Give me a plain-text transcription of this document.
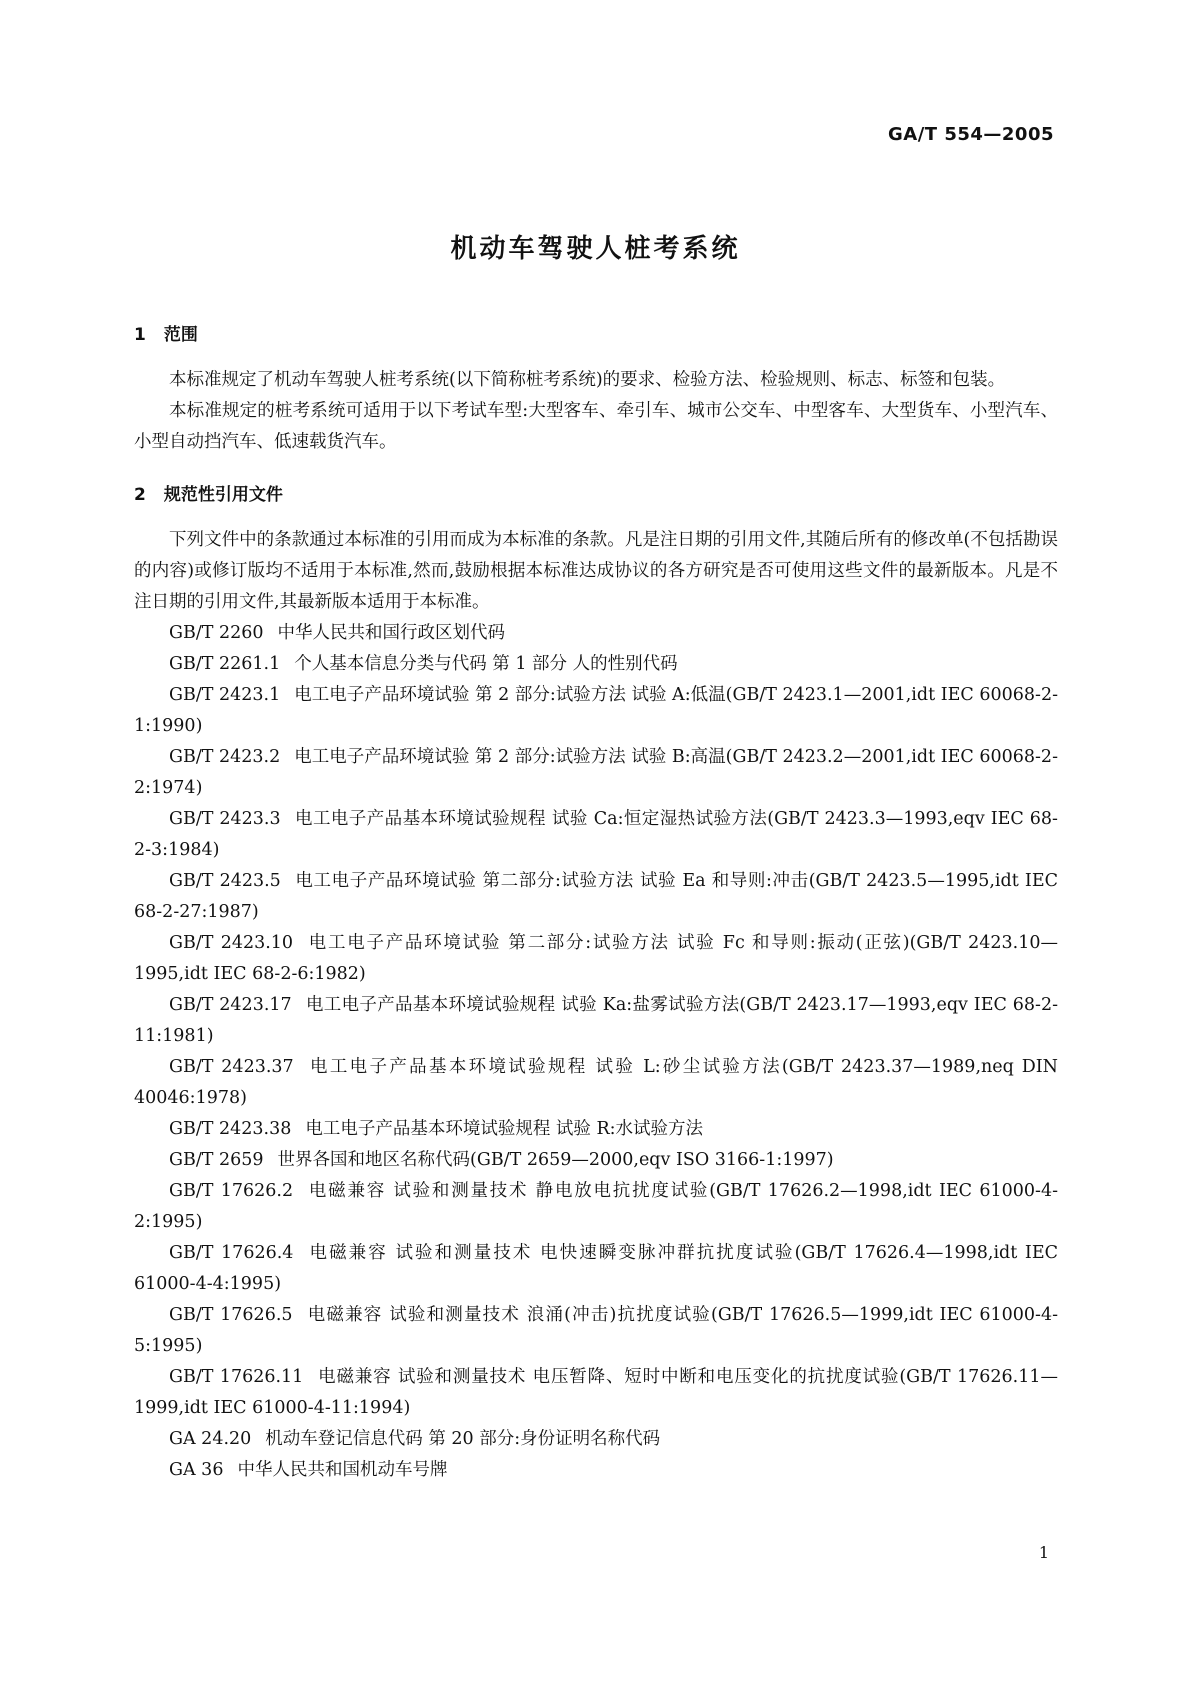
GA/T 554—2005
机动车驾驶人桩考系统

1 范围

本标准规定了机动车驾驶人桩考系统(以下简称桩考系统)的要求、检验方法、检验规则、标志、标签和包装。

本标准规定的桩考系统可适用于以下考试车型:大型客车、牵引车、城市公交车、中型客车、大型货车、小型汽车、小型自动挡汽车、低速载货汽车。

2 规范性引用文件

下列文件中的条款通过本标准的引用而成为本标准的条款。凡是注日期的引用文件,其随后所有的修改单(不包括勘误的内容)或修订版均不适用于本标准,然而,鼓励根据本标准达成协议的各方研究是否可使用这些文件的最新版本。凡是不注日期的引用文件,其最新版本适用于本标准。

GB/T 2260 中华人民共和国行政区划代码

GB/T 2261.1 个人基本信息分类与代码 第 1 部分 人的性别代码

GB/T 2423.1 电工电子产品环境试验 第 2 部分:试验方法 试验 A:低温(GB/T 2423.1—2001,idt IEC 60068-2-1:1990)

GB/T 2423.2 电工电子产品环境试验 第 2 部分:试验方法 试验 B:高温(GB/T 2423.2—2001,idt IEC 60068-2-2:1974)

GB/T 2423.3 电工电子产品基本环境试验规程 试验 Ca:恒定湿热试验方法(GB/T 2423.3—1993,eqv IEC 68-2-3:1984)

GB/T 2423.5 电工电子产品环境试验 第二部分:试验方法 试验 Ea 和导则:冲击(GB/T 2423.5—1995,idt IEC 68-2-27:1987)

GB/T 2423.10 电工电子产品环境试验 第二部分:试验方法 试验 Fc 和导则:振动(正弦)(GB/T 2423.10—1995,idt IEC 68-2-6:1982)

GB/T 2423.17 电工电子产品基本环境试验规程 试验 Ka:盐雾试验方法(GB/T 2423.17—1993,eqv IEC 68-2-11:1981)

GB/T 2423.37 电工电子产品基本环境试验规程 试验 L:砂尘试验方法(GB/T 2423.37—1989,neq DIN 40046:1978)

GB/T 2423.38 电工电子产品基本环境试验规程 试验 R:水试验方法

GB/T 2659 世界各国和地区名称代码(GB/T 2659—2000,eqv ISO 3166-1:1997)

GB/T 17626.2 电磁兼容 试验和测量技术 静电放电抗扰度试验(GB/T 17626.2—1998,idt IEC 61000-4-2:1995)

GB/T 17626.4 电磁兼容 试验和测量技术 电快速瞬变脉冲群抗扰度试验(GB/T 17626.4—1998,idt IEC 61000-4-4:1995)

GB/T 17626.5 电磁兼容 试验和测量技术 浪涌(冲击)抗扰度试验(GB/T 17626.5—1999,idt IEC 61000-4-5:1995)

GB/T 17626.11 电磁兼容 试验和测量技术 电压暂降、短时中断和电压变化的抗扰度试验(GB/T 17626.11—1999,idt IEC 61000-4-11:1994)

GA 24.20 机动车登记信息代码 第 20 部分:身份证明名称代码

GA 36 中华人民共和国机动车号牌

1
